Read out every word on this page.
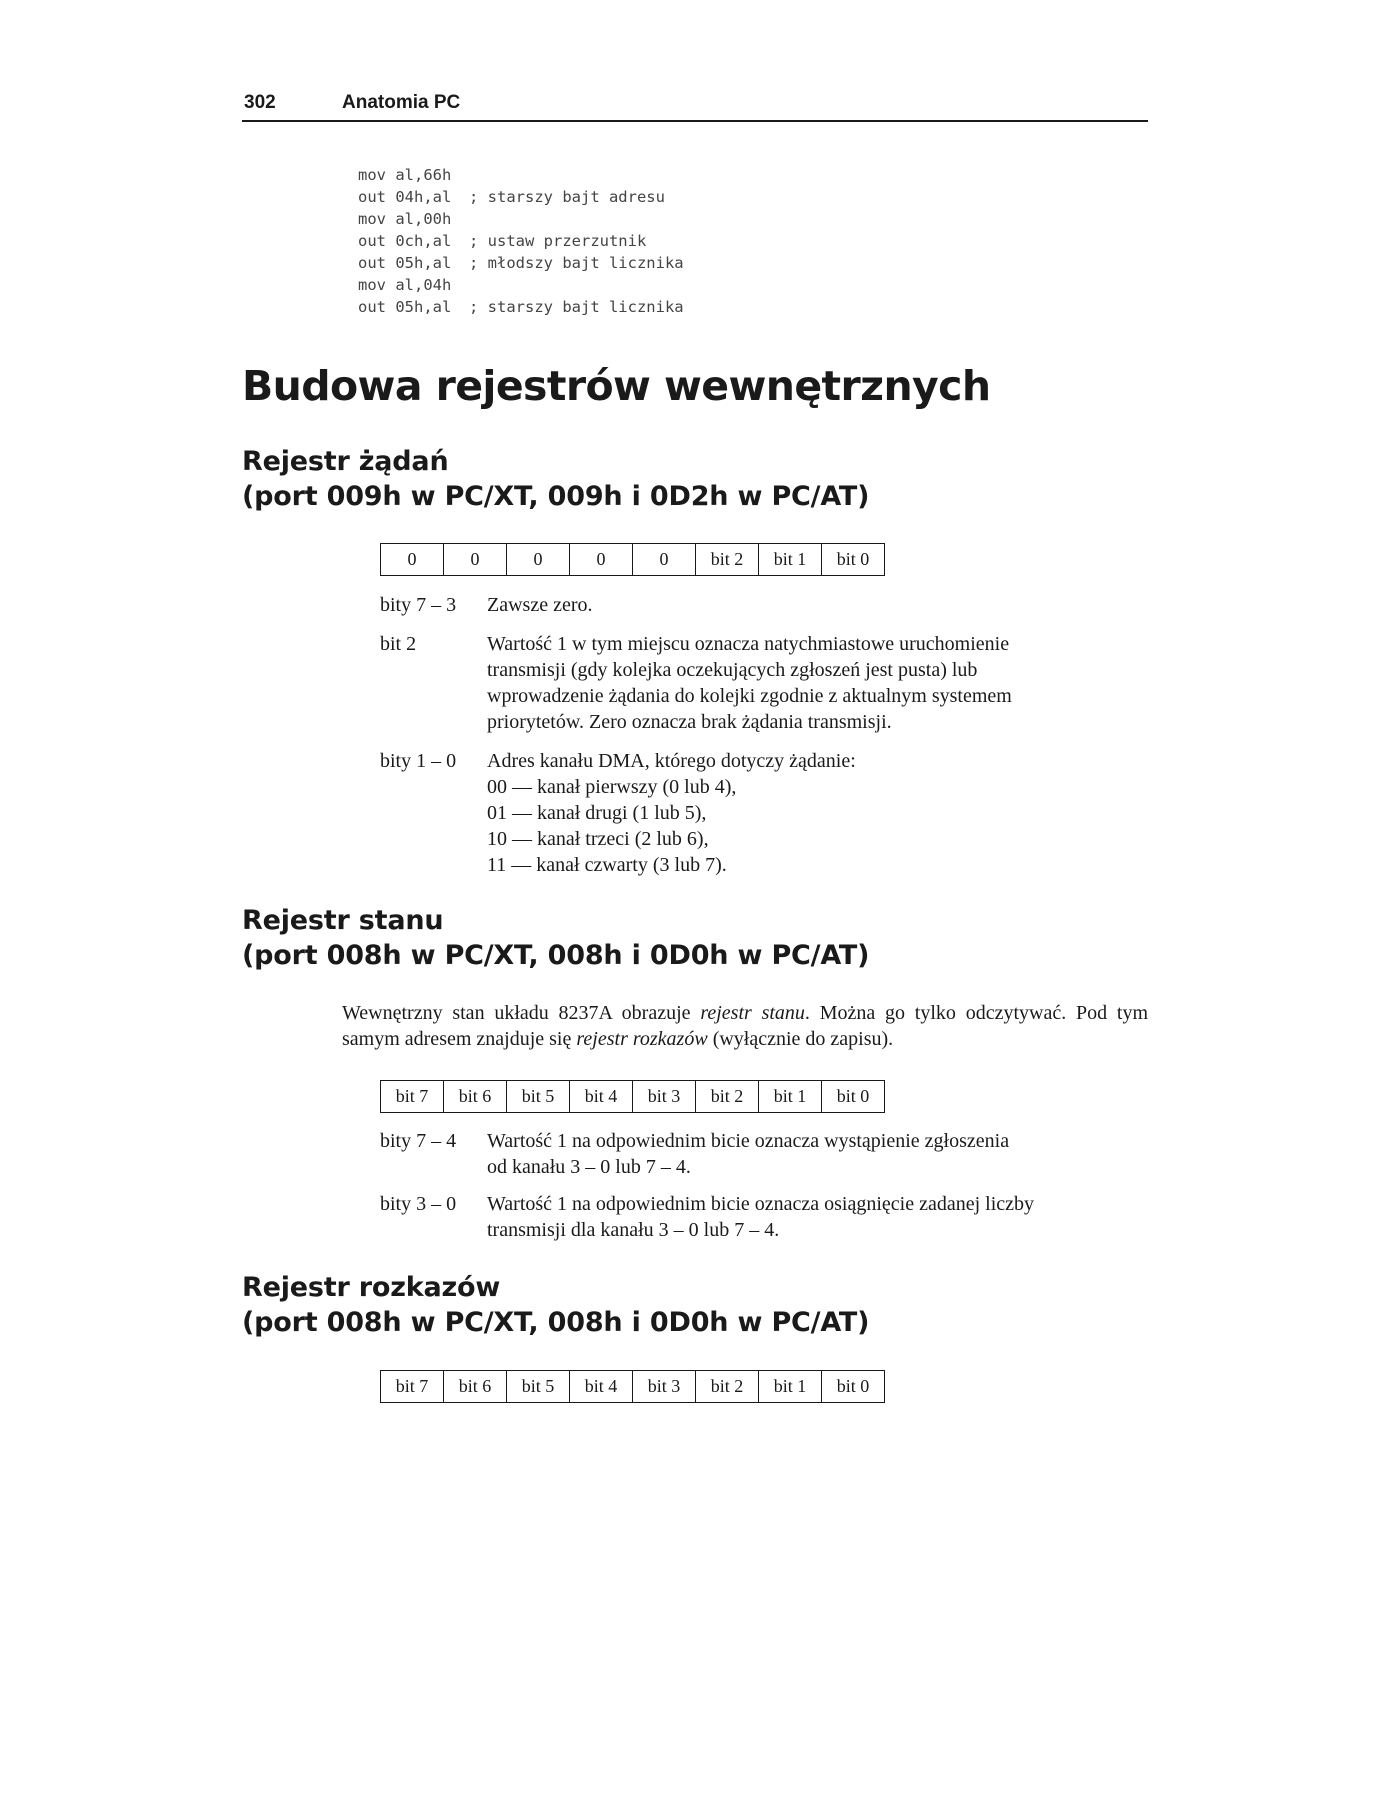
302	Anatomia PC
mov al,66h
out 04h,al ; starszy bajt adresu
mov al,00h
out 0ch,al ; ustaw przerzutnik
out 05h,al ; młodszy bajt licznika
mov al,04h
out 05h,al ; starszy bajt licznika
Budowa rejestrów wewnętrznych
Rejestr żądań
(port 009h w PC/XT, 009h i 0D2h w PC/AT)
0	0	0	0	0	bit 2	bit 1	bit 0
bity 7 – 3 Zawsze zero.
bit 2	Wartość 1 w tym miejscu oznacza natychmiastowe uruchomienie
transmisji (gdy kolejka oczekujących zgłoszeń jest pusta) lub
wprowadzenie żądania do kolejki zgodnie z aktualnym systemem
priorytetów. Zero oznacza brak żądania transmisji.
bity 1 – 0 Adres kanału DMA, którego dotyczy żądanie:
00 — kanał pierwszy (0 lub 4),
01 — kanał drugi (1 lub 5),
10 — kanał trzeci (2 lub 6),
11 — kanał czwarty (3 lub 7).
Rejestr stanu
(port 008h w PC/XT, 008h i 0D0h w PC/AT)

Wewnętrzny stan układu 8237A obrazuje rejestr stanu. Można go tylko odczytywać. Pod tym samym adresem znajduje się rejestr rozkazów (wyłącznie do zapisu).

bit 7	bit 6	bit 5	bit 4	bit 3	bit 2	bit 1	bit 0
bity 7 – 4 Wartość 1 na odpowiednim bicie oznacza wystąpienie zgłoszenia
od kanału 3 – 0 lub 7 – 4.
bity 3 – 0 Wartość 1 na odpowiednim bicie oznacza osiągnięcie zadanej liczby
transmisji dla kanału 3 – 0 lub 7 – 4.
Rejestr rozkazów
(port 008h w PC/XT, 008h i 0D0h w PC/AT)
bit 7	bit 6	bit 5	bit 4	bit 3	bit 2	bit 1	bit 0
